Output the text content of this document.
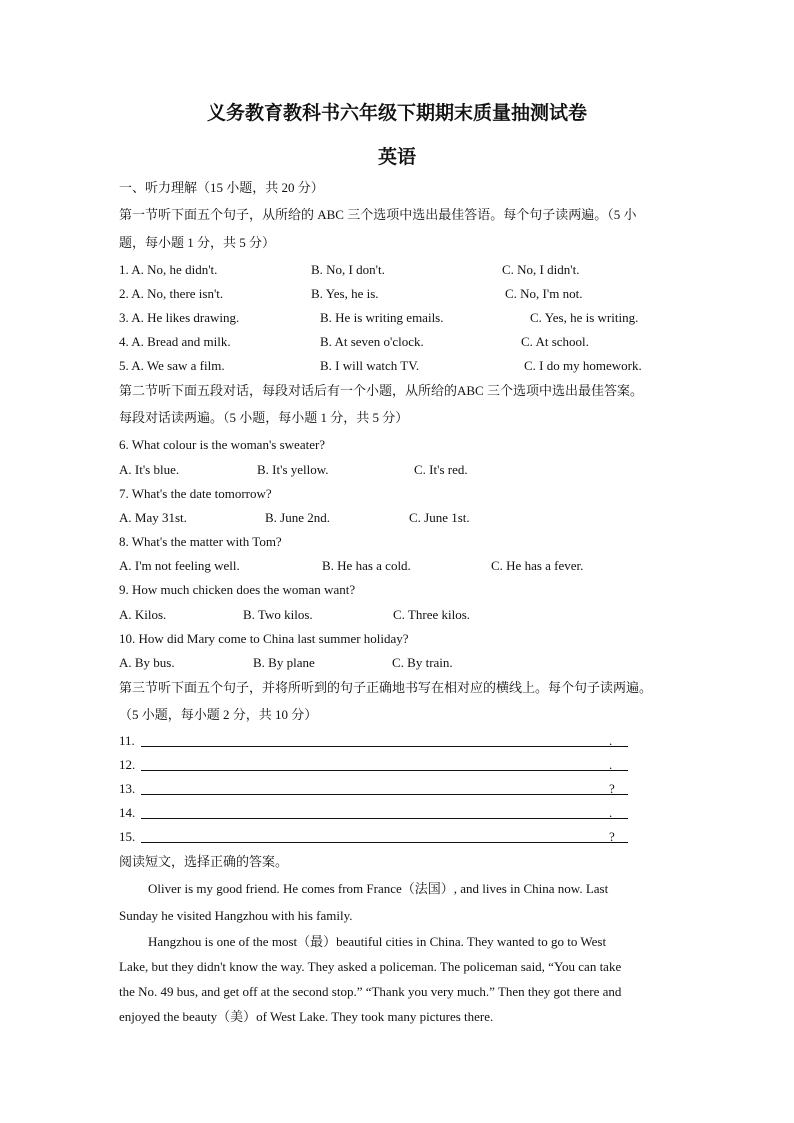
义务教育教科书六年级下期期末质量抽测试卷
英语
一、听力理解（15 小题，共 20 分）
第一节听下面五个句子，从所给的 ABC 三个选项中选出最佳答语。每个句子读两遍。（5 小
题，每小题 1 分，共 5 分）
1. A. No, he didn't.	B. No, I don't.	C. No, I didn't.
2. A. No, there isn't.	B. Yes, he is.	C. No, I'm not.
3. A. He likes drawing.	B. He is writing emails.	C. Yes, he is writing.
4. A. Bread and milk.	B. At seven o'clock.	C. At school.
5. A. We saw a film.	B. I will watch TV.	C. I do my homework.
第二节听下面五段对话，每段对话后有一个小题，从所给的ABC 三个选项中选出最佳答案。
每段对话读两遍。（5 小题，每小题 1 分，共 5 分）
6. What colour is the woman's sweater?
A. It's blue.	B. It's yellow.	C. It's red.
7. What's the date tomorrow?
A. May 31st.	B. June 2nd.	C. June 1st.
8. What's the matter with Tom?
A. I'm not feeling well.	B. He has a cold.	C. He has a fever.
9. How much chicken does the woman want?
A. Kilos.	B. Two kilos.	C. Three kilos.
10. How did Mary come to China last summer holiday?
A. By bus.	B. By plane	C. By train.
第三节听下面五个句子，并将所听到的句子正确地书写在相对应的横线上。每个句子读两遍。
（5 小题，每小题 2 分，共 10 分）
11.	.
12.	.
13.	?
14.	.
15.	?
阅读短文，选择正确的答案。
Oliver is my good friend. He comes from France（法国）, and lives in China now. Last
Sunday he visited Hangzhou with his family.
Hangzhou is one of the most（最）beautiful cities in China. They wanted to go to West
Lake, but they didn't know the way. They asked a policeman. The policeman said, “You can take
the No. 49 bus, and get off at the second stop.” “Thank you very much.” Then they got there and
enjoyed the beauty（美）of West Lake. They took many pictures there.
